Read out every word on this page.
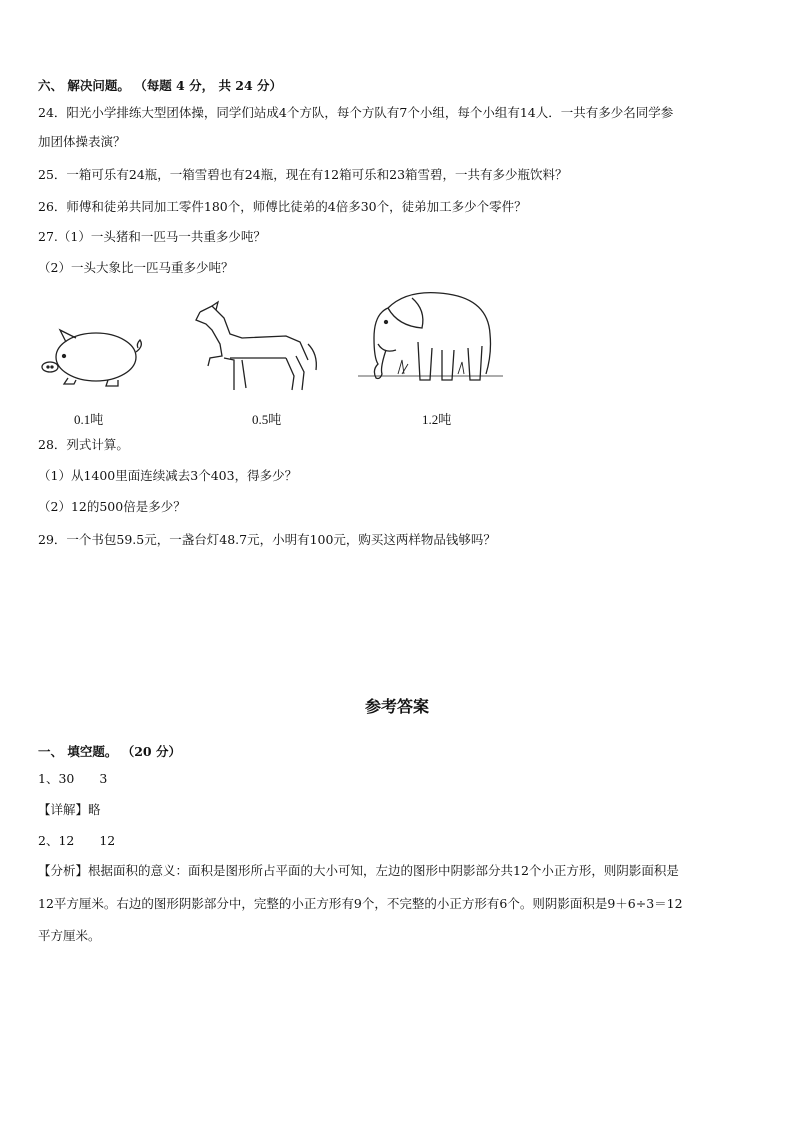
六、 解决问题。 （每题 4 分， 共 24 分）
24．阳光小学排练大型团体操，同学们站成4个方队，每个方队有7个小组，每个小组有14人．一共有多少名同学参
加团体操表演？
25．一箱可乐有24瓶，一箱雪碧也有24瓶，现在有12箱可乐和23箱雪碧，一共有多少瓶饮料？
26．师傅和徒弟共同加工零件180个，师傅比徒弟的4倍多30个，徒弟加工多少个零件？
27.（1）一头猪和一匹马一共重多少吨？
（2）一头大象比一匹马重多少吨？
0.1吨	0.5吨	1.2吨
28．列式计算。
（1）从1400里面连续减去3个403，得多少？
（2）12的500倍是多少？
29．一个书包59.5元，一盏台灯48.7元，小明有100元，购买这两样物品钱够吗？
参考答案
一、 填空题。 （20 分）
1、30　　3
【详解】略
2、12　　12
【分析】根据面积的意义：面积是图形所占平面的大小可知，左边的图形中阴影部分共12个小正方形，则阴影面积是
12平方厘米。右边的图形阴影部分中，完整的小正方形有9个，不完整的小正方形有6个。则阴影面积是9＋6÷3＝12
平方厘米。
